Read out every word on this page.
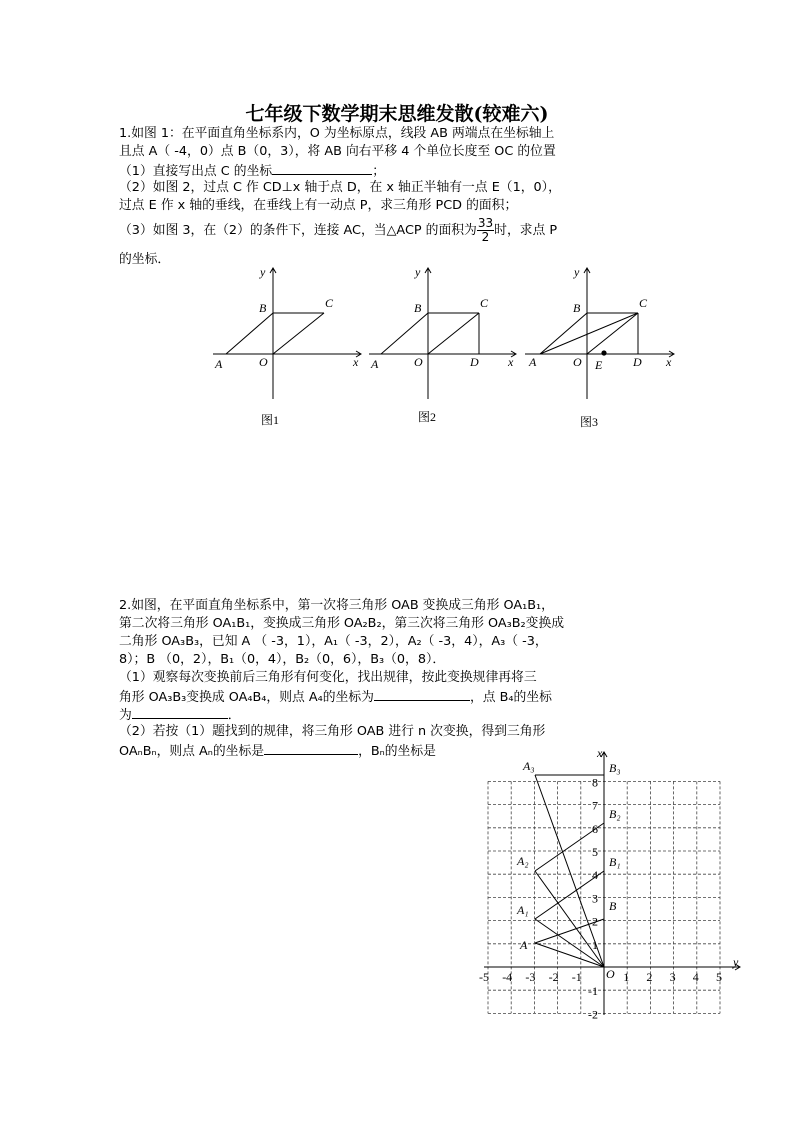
七年级下数学期末思维发散(较难六)
1.如图 1：在平面直角坐标系内，O 为坐标原点，线段 AB 两端点在坐标轴上
且点 A（ -4，0）点 B（0，3），将 AB 向右平移 4 个单位长度至 OC 的位置
（1）直接写出点 C 的坐标	；
（2）如图 2，过点 C 作 CD⊥x 轴于点 D，在 x 轴正半轴有一点 E（1，0），
过点 E 作 x 轴的垂线，在垂线上有一动点 P，求三角形 PCD 的面积；
（3）如图 3，在（2）的条件下，连接 AC，当△ACP 的面积为 $\frac{33}{2}$ 时，求点 P
的坐标．
y
B	C
A	O	x
y
B	C
A	O	D x
y
B	C
A	O E	D x
图1	图2	图3
2.如图，在平面直角坐标系中，第一次将三角形 OAB 变换成三角形 OA₁B₁，
第二次将三角形 OA₁B₁，变换成三角形 OA₂B₂，第三次将三角形 OA₃B₂变换成
二角形 OA₃B₃，已知 A （ -3，1），A₁（ -3，2），A₂（ -3，4），A₃（ -3，
8）；B （0，2），B₁（0，4），B₂（0，6），B₃（0，8）．
（1）观察每次变换前后三角形有何变化，找出规律，按此变换规律再将三
角形 OA₃B₃变换成 OA₄B₄，则点 A₄的坐标为	，点 B₄的坐标
为	．
（2）若按（1）题找到的规律，将三角形 OAB 进行 n 次变换，得到三角形
OAₙBₙ，则点 Aₙ的坐标是	，Bₙ的坐标是
-5 -4 -3 -2 -1	1 2 3 4 5
8
7
6
5
4
3
2
1
-1
-2
x
y
O
A
A₁
A₂
A₃
B
B₁
B₂
B₃
